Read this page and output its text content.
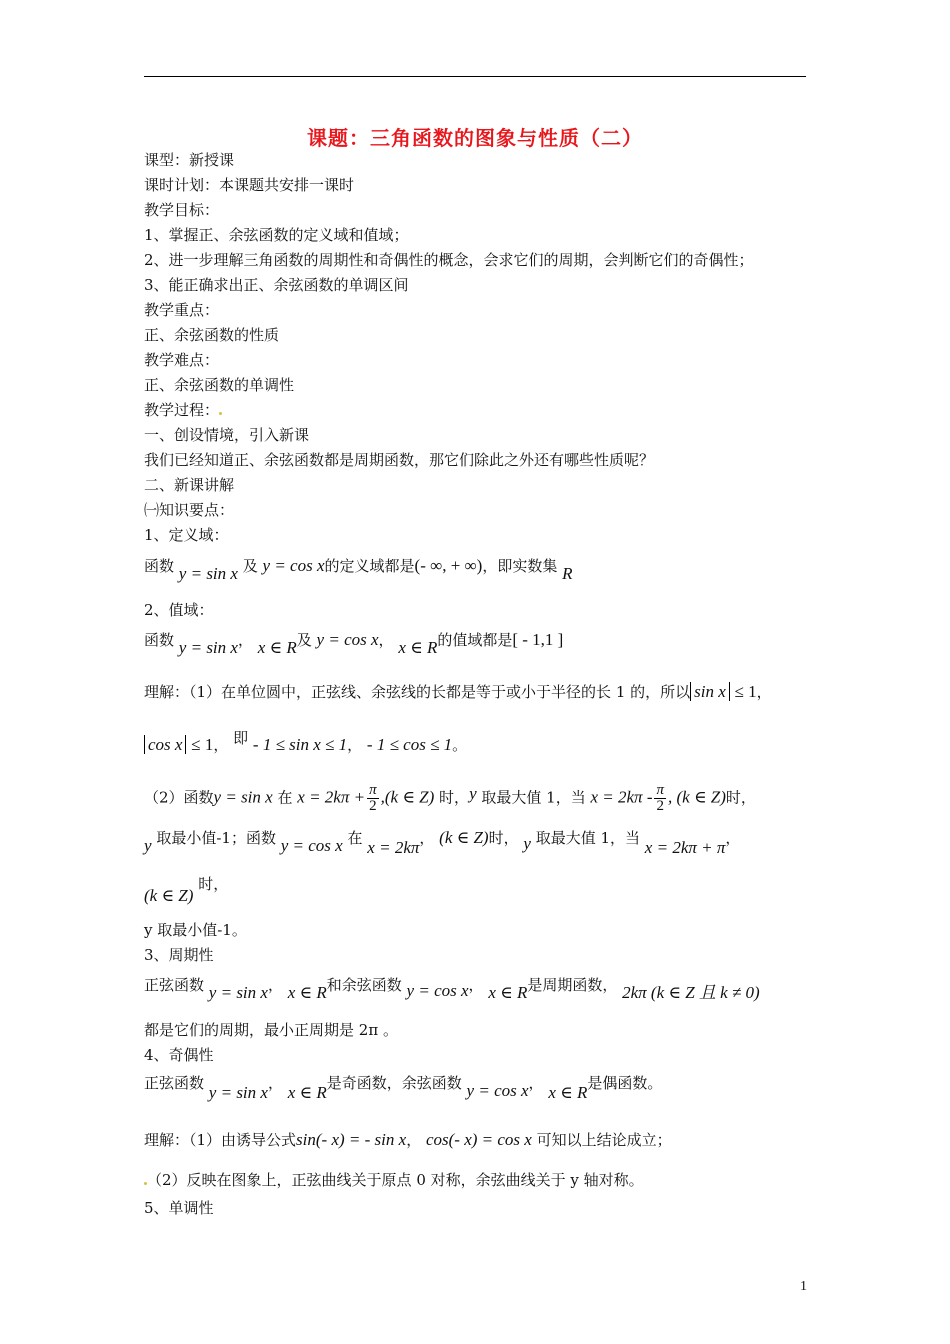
课题：三角函数的图象与性质（二）
课型：新授课
课时计划：本课题共安排一课时
教学目标：
1、掌握正、余弦函数的定义域和值域；
2、进一步理解三角函数的周期性和奇偶性的概念，会求它们的周期，会判断它们的奇偶性；
3、能正确求出正、余弦函数的单调区间
教学重点：
正、余弦函数的性质
教学难点：
正、余弦函数的单调性
教学过程：
一、创设情境，引入新课
我们已经知道正、余弦函数都是周期函数，那它们除此之外还有哪些性质呢？
二、新课讲解
㈠知识要点：
1、定义域：
函数 y = sin x 及 y = cos x的定义域都是(- ∞, + ∞)，即实数集 R
2、值域：
函数 y = sin x， x ∈ R及 y = cos x， x ∈ R的值域都是[ - 1,1 ]
理解：（1）在单位圆中，正弦线、余弦线的长都是等于或小于半径的长 1 的，所以 sin x ≤ 1，
cos x ≤ 1， 即 - 1 ≤ sin x ≤ 1， - 1 ≤ cos ≤ 1。
（2）函数y = sin x 在 $x = 2k\pi + \frac{\pi}{2} ,(k$ ∈ Z) 时，y 取最大值 1，当 $x = 2k\pi - \frac{\pi}{2}$ , (k ∈ Z)时，
y 取最小值-1；函数 y = cos x 在 x = 2kπ， (k ∈ Z)时， y 取最大值 1，当 x = 2kπ + π，
(k ∈ Z) 时，
y 取最小值-1。
3、周期性
正弦函数 y = sin x， x ∈ R和余弦函数 y = cos x， x ∈ R是周期函数， 2kπ (k ∈ Z 且 k ≠ 0)
都是它们的周期，最小正周期是 2π 。
4、奇偶性
正弦函数 y = sin x， x ∈ R是奇函数，余弦函数 y = cos x， x ∈ R是偶函数。
理解：（1）由诱导公式sin(- x) = - sin x， cos(- x) = cos x 可知以上结论成立；
（2）反映在图象上，正弦曲线关于原点 0 对称，余弦曲线关于 y 轴对称。
5、单调性
1
